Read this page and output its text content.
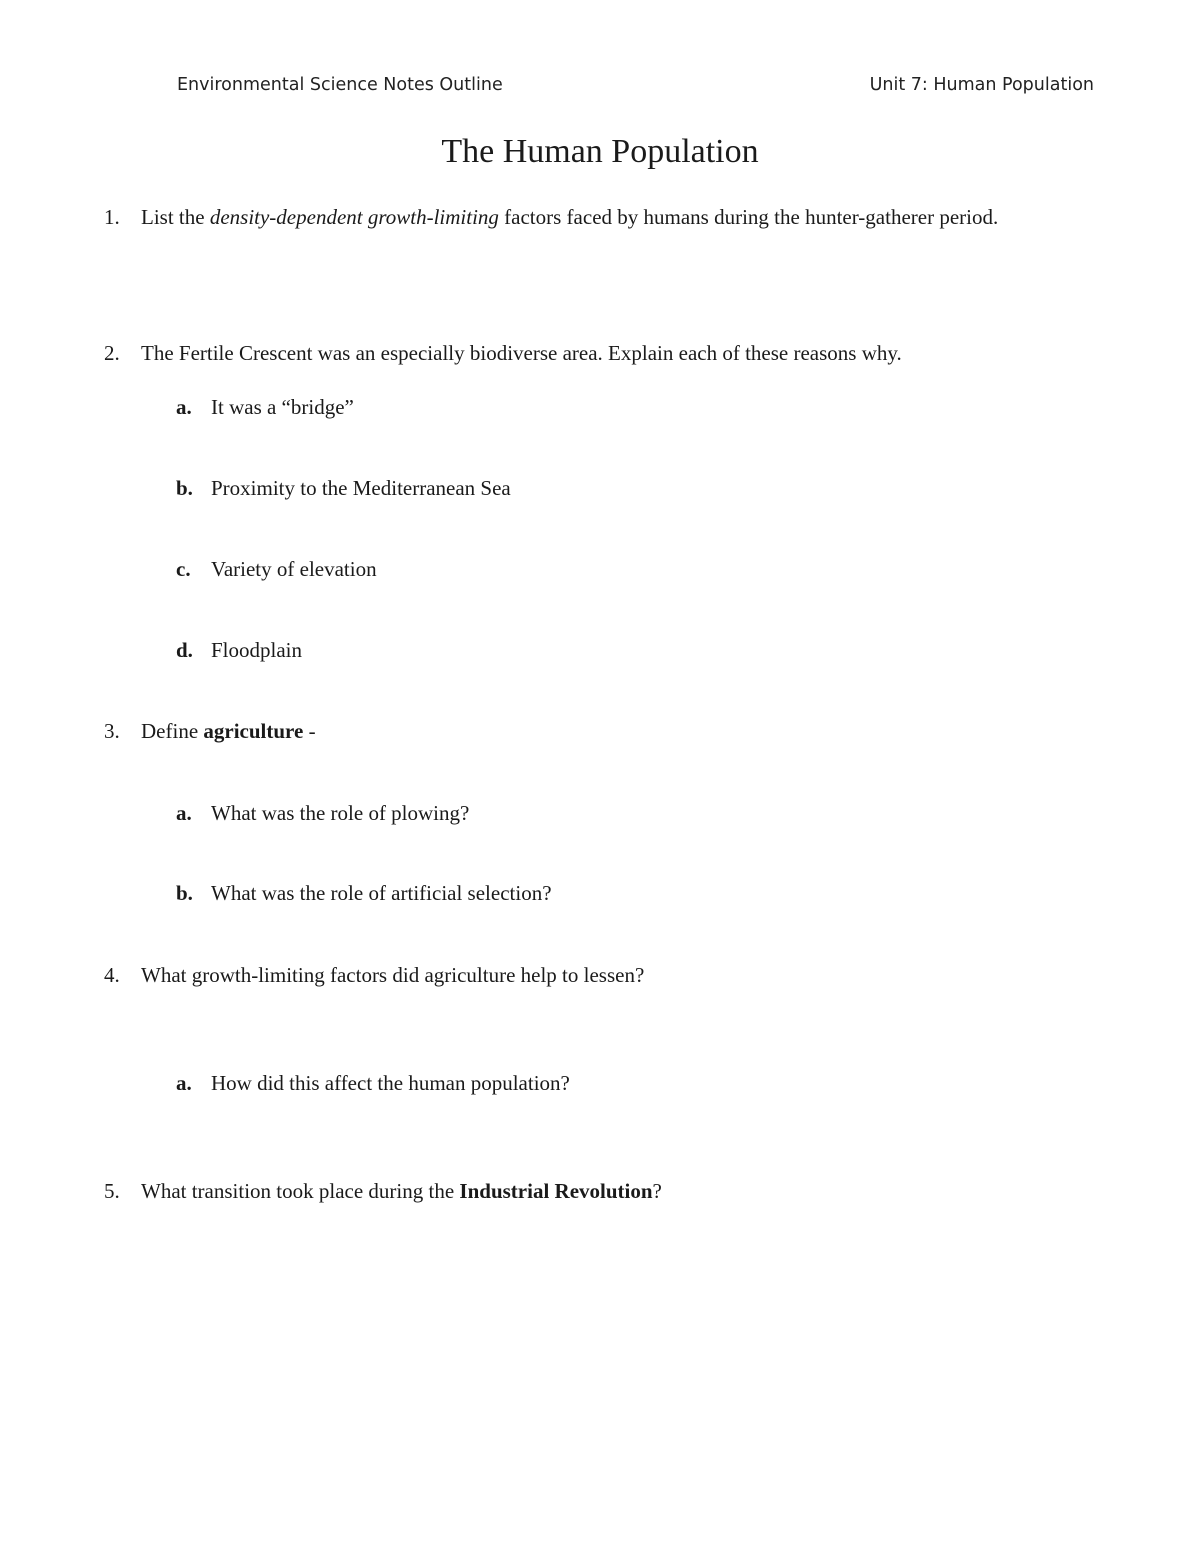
Environmental Science Notes Outline	Unit 7: Human Population
The Human Population
1.	List the density-dependent growth-limiting factors faced by humans during the hunter-gatherer period.
2.	The Fertile Crescent was an especially biodiverse area. Explain each of these reasons why.
a. It was a “bridge”
b. Proximity to the Mediterranean Sea
c. Variety of elevation
d. Floodplain
3.	Define agriculture -
a. What was the role of plowing?
b. What was the role of artificial selection?
4.	What growth-limiting factors did agriculture help to lessen?
a. How did this affect the human population?
5.	What transition took place during the Industrial Revolution?
